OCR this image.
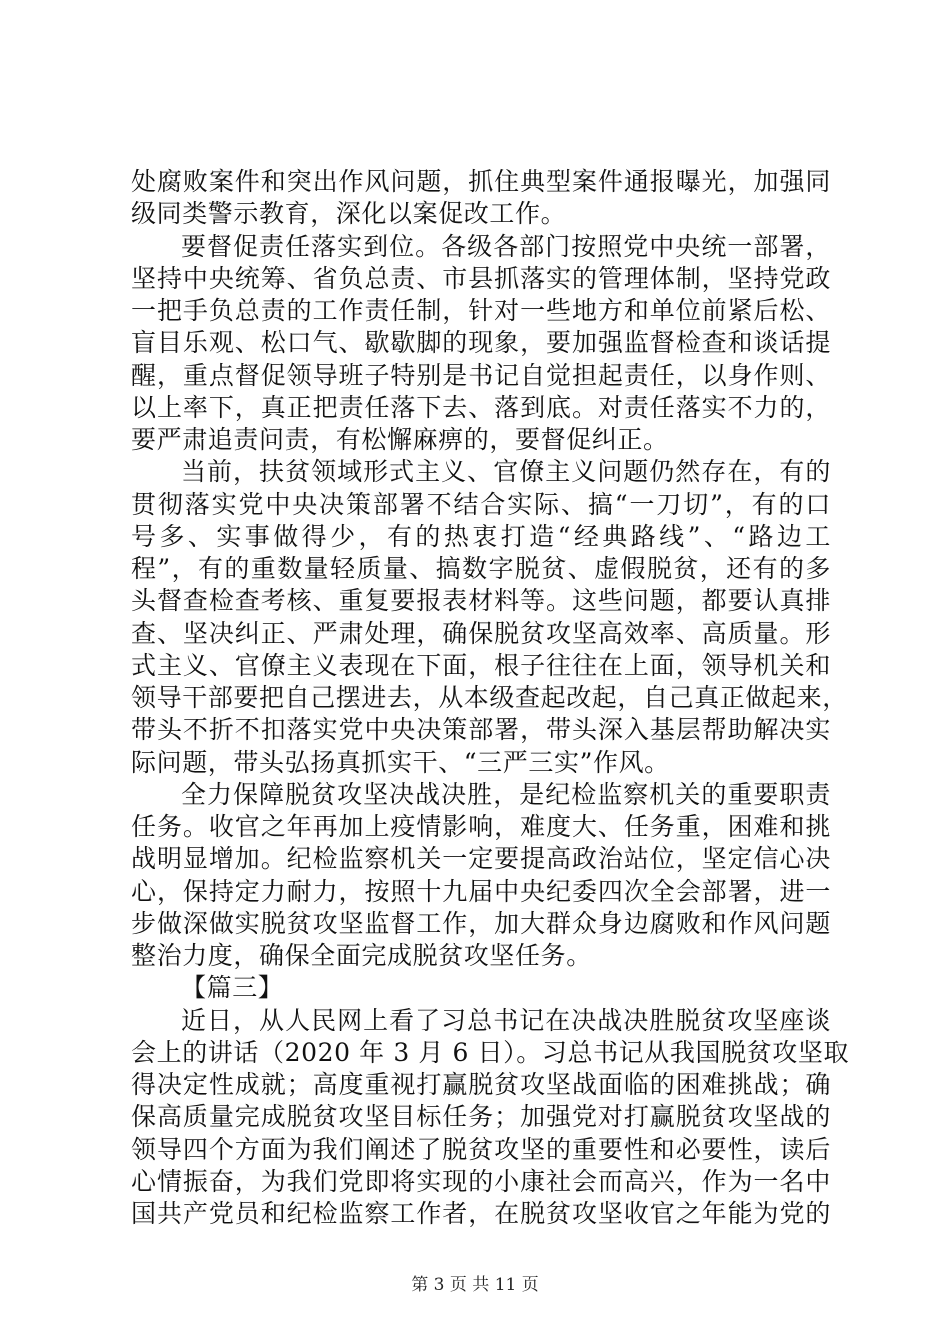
处腐败案件和突出作风问题，抓住典型案件通报曝光，加强同
级同类警示教育，深化以案促改工作。
要督促责任落实到位。各级各部门按照党中央统一部署，
坚持中央统筹、省负总责、市县抓落实的管理体制，坚持党政
一把手负总责的工作责任制，针对一些地方和单位前紧后松、
盲目乐观、松口气、歇歇脚的现象，要加强监督检查和谈话提
醒，重点督促领导班子特别是书记自觉担起责任，以身作则、
以上率下，真正把责任落下去、落到底。对责任落实不力的，
要严肃追责问责，有松懈麻痹的，要督促纠正。
当前，扶贫领域形式主义、官僚主义问题仍然存在，有的
贯彻落实党中央决策部署不结合实际、搞“一刀切”，有的口
号多、实事做得少，有的热衷打造“经典路线”、“路边工
程”，有的重数量轻质量、搞数字脱贫、虚假脱贫，还有的多
头督查检查考核、重复要报表材料等。这些问题，都要认真排
查、坚决纠正、严肃处理，确保脱贫攻坚高效率、高质量。形
式主义、官僚主义表现在下面，根子往往在上面，领导机关和
领导干部要把自己摆进去，从本级查起改起，自己真正做起来，
带头不折不扣落实党中央决策部署，带头深入基层帮助解决实
际问题，带头弘扬真抓实干、“三严三实”作风。
全力保障脱贫攻坚决战决胜，是纪检监察机关的重要职责
任务。收官之年再加上疫情影响，难度大、任务重，困难和挑
战明显增加。纪检监察机关一定要提高政治站位，坚定信心决
心，保持定力耐力，按照十九届中央纪委四次全会部署，进一
步做深做实脱贫攻坚监督工作，加大群众身边腐败和作风问题
整治力度，确保全面完成脱贫攻坚任务。
【篇三】
近日，从人民网上看了习总书记在决战决胜脱贫攻坚座谈
会上的讲话（2020 年 3 月 6 日）。习总书记从我国脱贫攻坚取
得决定性成就；高度重视打赢脱贫攻坚战面临的困难挑战；确
保高质量完成脱贫攻坚目标任务；加强党对打赢脱贫攻坚战的
领导四个方面为我们阐述了脱贫攻坚的重要性和必要性，读后
心情振奋，为我们党即将实现的小康社会而高兴，作为一名中
国共产党员和纪检监察工作者，在脱贫攻坚收官之年能为党的
第 3 页 共 11 页
